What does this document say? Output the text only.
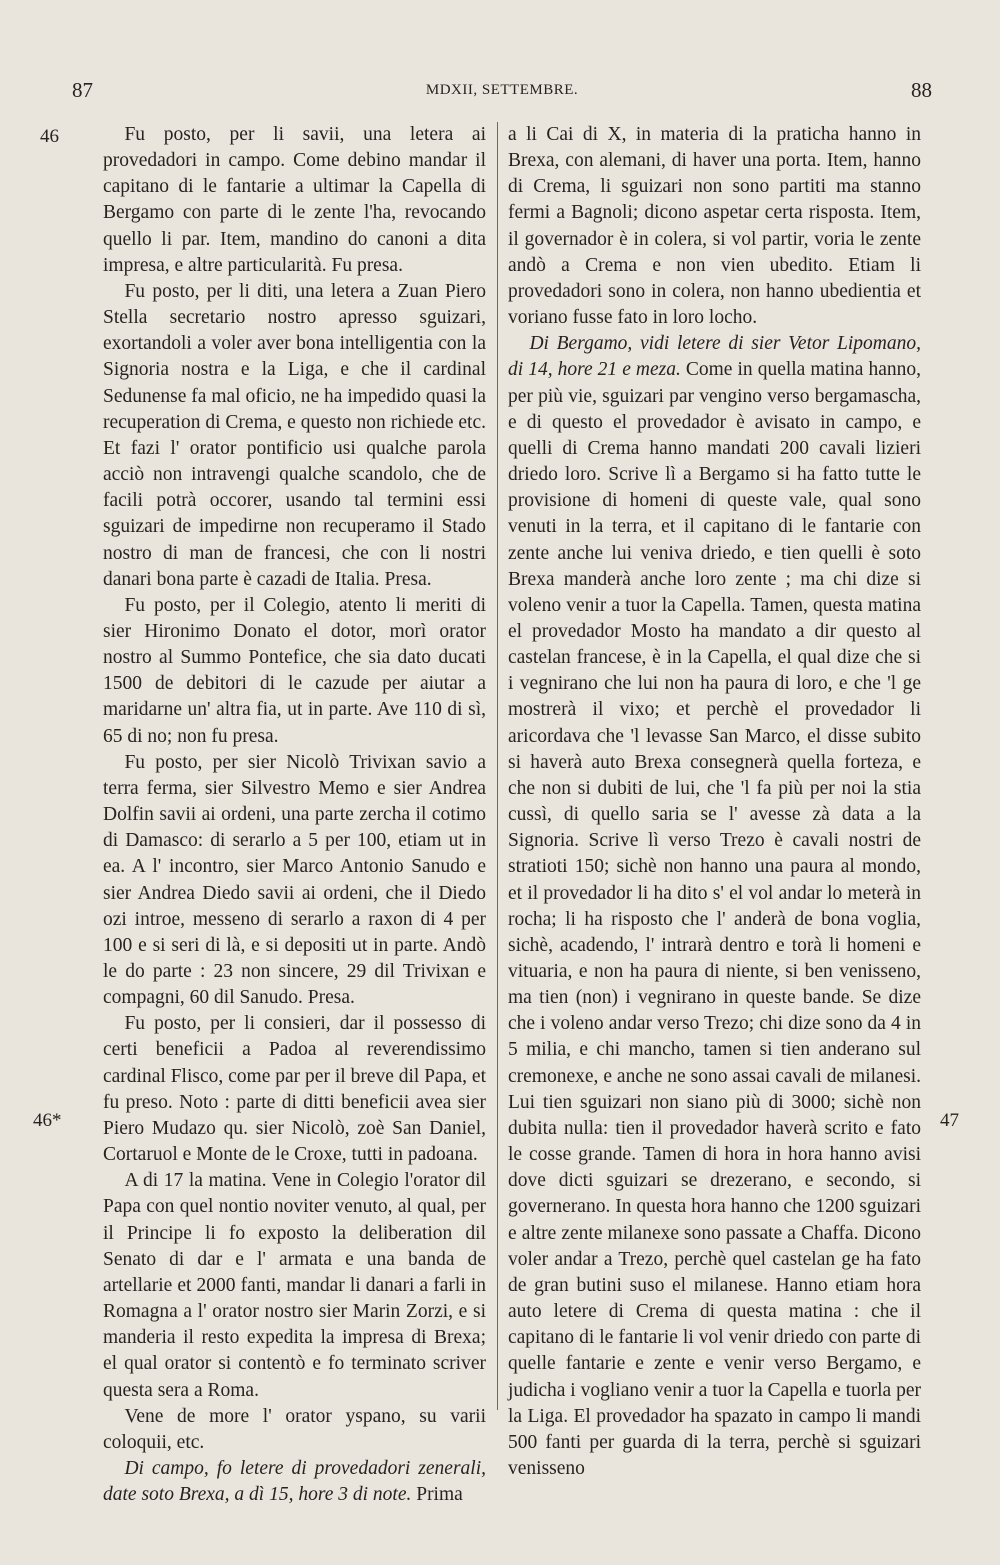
87	MDXII, SETTEMBRE.	88
46
46*	47

Fu posto, per li savii, una letera ai provedadori in campo. Come debino mandar il capitano di le fantarie a ultimar la Capella di Bergamo con parte di le zente l'ha, revocando quello li par. Item, mandino do canoni a dita impresa, e altre particularità. Fu presa.

Fu posto, per li diti, una letera a Zuan Piero Stella secretario nostro apresso sguizari, exortandoli a voler aver bona intelligentia con la Signoria nostra e la Liga, e che il cardinal Sedunense fa mal oficio, ne ha impedido quasi la recuperation di Crema, e questo non richiede etc. Et fazi l' orator pontificio usi qualche parola acciò non intravengi qualche scandolo, che de facili potrà occorer, usando tal termini essi sguizari de impedirne non recuperamo il Stado nostro di man de francesi, che con li nostri danari bona parte è cazadi de Italia. Presa.

Fu posto, per il Colegio, atento li meriti di sier Hironimo Donato el dotor, morì orator nostro al Summo Pontefice, che sia dato ducati 1500 de debitori di le cazude per aiutar a maridarne un' altra fia, ut in parte. Ave 110 di sì, 65 di no; non fu presa.

Fu posto, per sier Nicolò Trivixan savio a terra ferma, sier Silvestro Memo e sier Andrea Dolfin savii ai ordeni, una parte zercha il cotimo di Damasco: di serarlo a 5 per 100, etiam ut in ea. A l' incontro, sier Marco Antonio Sanudo e sier Andrea Diedo savii ai ordeni, che il Diedo ozi introe, messeno di serarlo a raxon di 4 per 100 e si seri di là, e si depositi ut in parte. Andò le do parte : 23 non sincere, 29 dil Trivixan e compagni, 60 dil Sanudo. Presa.

Fu posto, per li consieri, dar il possesso di certi beneficii a Padoa al reverendissimo cardinal Flisco, come par per il breve dil Papa, et fu preso. Noto : parte di ditti beneficii avea sier Piero Mudazo qu. sier Nicolò, zoè San Daniel, Cortaruol e Monte de le Croxe, tutti in padoana.

A di 17 la matina. Vene in Colegio l'orator dil Papa con quel nontio noviter venuto, al qual, per il Principe li fo exposto la deliberation dil Senato di dar e l' armata e una banda de artellarie et 2000 fanti, mandar li danari a farli in Romagna a l' orator nostro sier Marin Zorzi, e si manderia il resto expedita la impresa di Brexa; el qual orator si contentò e fo terminato scriver questa sera a Roma.

Vene de more l' orator yspano, su varii coloquii, etc.

Di campo, fo letere di provedadori zenerali, date soto Brexa, a dì 15, hore 3 di note. Prima

a li Cai di X, in materia di la praticha hanno in Brexa, con alemani, di haver una porta. Item, hanno di Crema, li sguizari non sono partiti ma stanno fermi a Bagnoli; dicono aspetar certa risposta. Item, il governador è in colera, si vol partir, voria le zente andò a Crema e non vien ubedito. Etiam li provedadori sono in colera, non hanno ubedientia et voriano fusse fato in loro locho.

Di Bergamo, vidi letere di sier Vetor Lipomano, di 14, hore 21 e meza. Come in quella matina hanno, per più vie, sguizari par vengino verso bergamascha, e di questo el provedador è avisato in campo, e quelli di Crema hanno mandati 200 cavali lizieri driedo loro. Scrive lì a Bergamo si ha fatto tutte le provisione di homeni di queste vale, qual sono venuti in la terra, et il capitano di le fantarie con zente anche lui veniva driedo, e tien quelli è soto Brexa manderà anche loro zente ; ma chi dize si voleno venir a tuor la Capella. Tamen, questa matina el provedador Mosto ha mandato a dir questo al castelan francese, è in la Capella, el qual dize che si i vegnirano che lui non ha paura di loro, e che 'l ge mostrerà il vixo; et perchè el provedador li aricordava che 'l levasse San Marco, el disse subito si haverà auto Brexa consegnerà quella forteza, e che non si dubiti de lui, che 'l fa più per noi la stia cussì, di quello saria se l' avesse zà data a la Signoria. Scrive lì verso Trezo è cavali nostri de stratioti 150; sichè non hanno una paura al mondo, et il provedador li ha dito s' el vol andar lo meterà in rocha; li ha risposto che l' anderà de bona voglia, sichè, acadendo, l' intrarà dentro e torà li homeni e vituaria, e non ha paura di niente, si ben venisseno, ma tien (non) i vegnirano in queste bande. Se dize che i voleno andar verso Trezo; chi dize sono da 4 in 5 milia, e chi mancho, tamen si tien anderano sul cremonexe, e anche ne sono assai cavali de milanesi. Lui tien sguizari non siano più di 3000; sichè non dubita nulla: tien il provedador haverà scrito e fato le cosse grande. Tamen di hora in hora hanno avisi dove dicti sguizari se drezerano, e secondo, si governerano. In questa hora hanno che 1200 sguizari e altre zente milanexe sono passate a Chaffa. Dicono voler andar a Trezo, perchè quel castelan ge ha fato de gran butini suso el milanese. Hanno etiam hora auto letere di Crema di questa matina : che il capitano di le fantarie li vol venir driedo con parte di quelle fantarie e zente e venir verso Bergamo, e judicha i vogliano venir a tuor la Capella e tuorla per la Liga. El provedador ha spazato in campo li mandi 500 fanti per guarda di la terra, perchè si sguizari venisseno
